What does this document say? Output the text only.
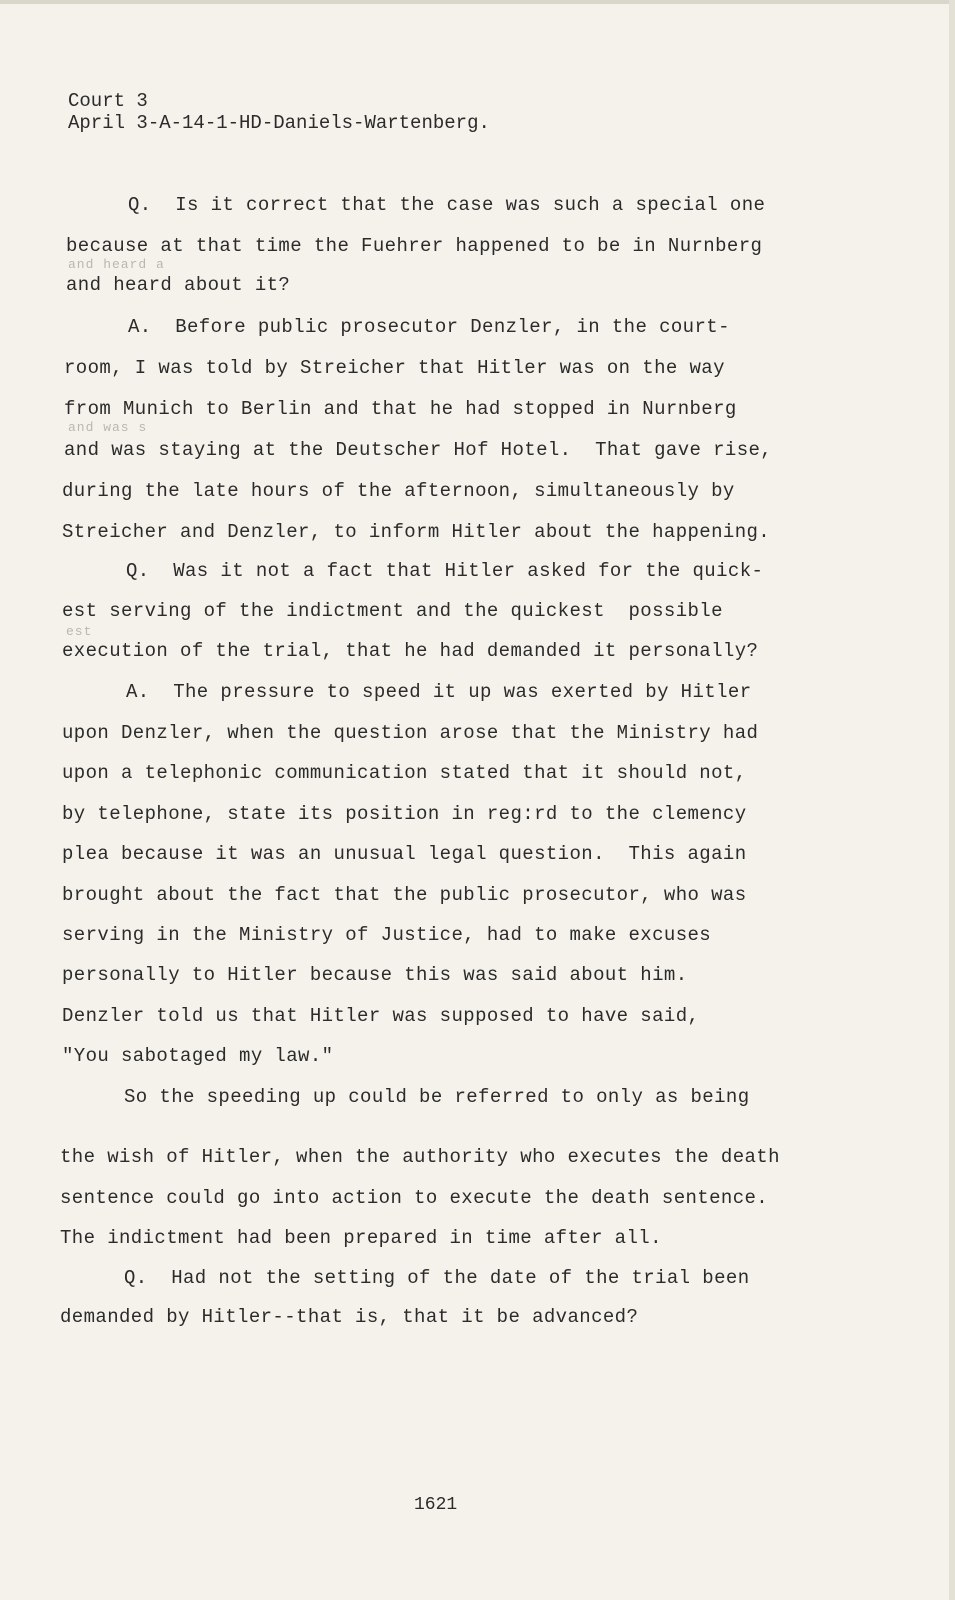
Court 3
April 3-A-14-1-HD-Daniels-Wartenberg.
and heard a
and was s
est
Q.  Is it correct that the case was such a special one
because at that time the Fuehrer happened to be in Nurnberg
and heard about it?
A.  Before public prosecutor Denzler, in the court-
room, I was told by Streicher that Hitler was on the way
from Munich to Berlin and that he had stopped in Nurnberg
and was staying at the Deutscher Hof Hotel.  That gave rise,
during the late hours of the afternoon, simultaneously by
Streicher and Denzler, to inform Hitler about the happening.
Q.  Was it not a fact that Hitler asked for the quick-
est serving of the indictment and the quickest  possible
execution of the trial, that he had demanded it personally?
A.  The pressure to speed it up was exerted by Hitler
upon Denzler, when the question arose that the Ministry had
upon a telephonic communication stated that it should not,
by telephone, state its position in reg:rd to the clemency
plea because it was an unusual legal question.  This again
brought about the fact that the public prosecutor, who was
serving in the Ministry of Justice, had to make excuses
personally to Hitler because this was said about him.
Denzler told us that Hitler was supposed to have said,
"You sabotaged my law."
So the speeding up could be referred to only as being
the wish of Hitler, when the authority who executes the death
sentence could go into action to execute the death sentence.
The indictment had been prepared in time after all.
Q.  Had not the setting of the date of the trial been
demanded by Hitler--that is, that it be advanced?
1621
